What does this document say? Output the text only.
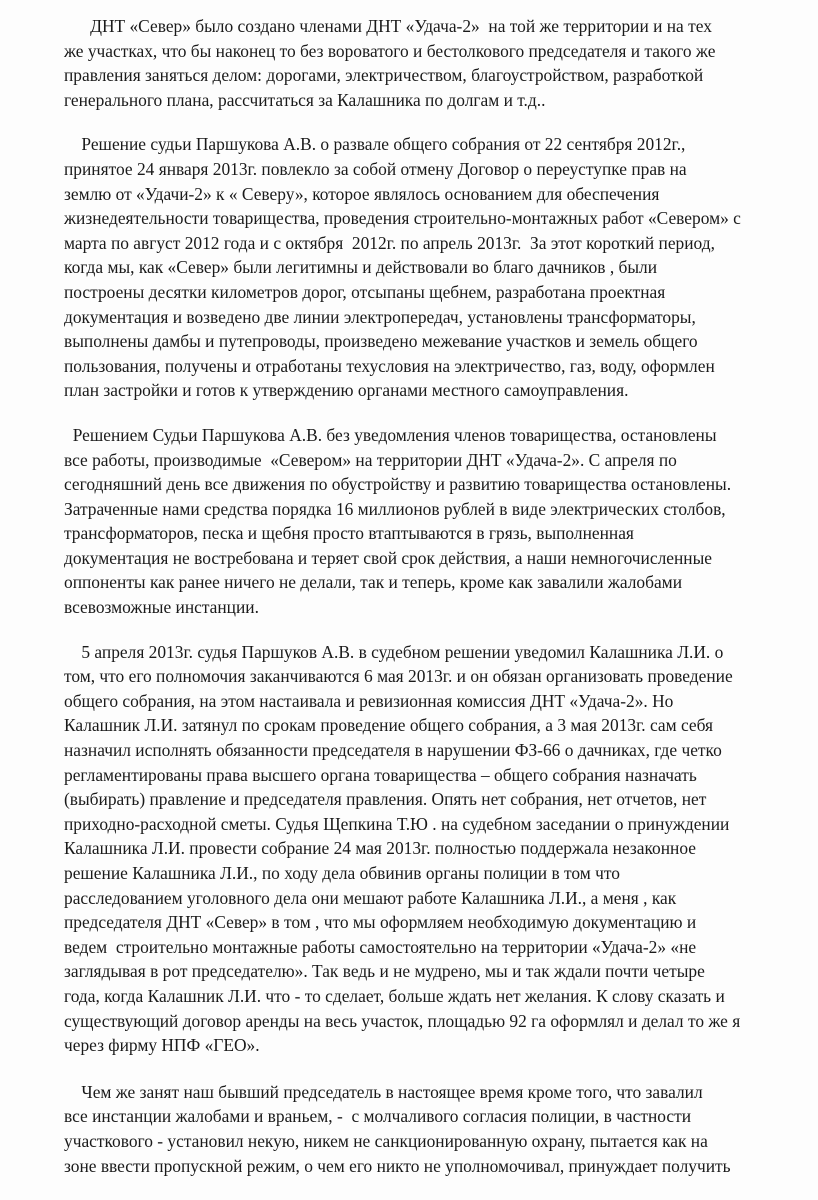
ДНТ «Север» было создано членами ДНТ «Удача-2»  на той же территории и на тех
же участках, что бы наконец то без вороватого и бестолкового председателя и такого же
правления заняться делом: дорогами, электричеством, благоустройством, разработкой
генерального плана, рассчитаться за Калашника по долгам и т.д..

Решение судьи Паршукова А.В. о развале общего собрания от 22 сентября 2012г.,
принятое 24 января 2013г. повлекло за собой отмену Договор о переуступке прав на
землю от «Удачи-2» к « Северу», которое являлось основанием для обеспечения
жизнедеятельности товарищества, проведения строительно-монтажных работ «Севером» с
марта по август 2012 года и с октября  2012г. по апрель 2013г.  За этот короткий период,
когда мы, как «Север» были легитимны и действовали во благо дачников , были
построены десятки километров дорог, отсыпаны щебнем, разработана проектная
документация и возведено две линии электропередач, установлены трансформаторы,
выполнены дамбы и путепроводы, произведено межевание участков и земель общего
пользования, получены и отработаны техусловия на электричество, газ, воду, оформлен
план застройки и готов к утверждению органами местного самоуправления.

Решением Судьи Паршукова А.В. без уведомления членов товарищества, остановлены
все работы, производимые  «Севером» на территории ДНТ «Удача-2». С апреля по
сегодняшний день все движения по обустройству и развитию товарищества остановлены.
Затраченные нами средства порядка 16 миллионов рублей в виде электрических столбов,
трансформаторов, песка и щебня просто втаптываются в грязь, выполненная
документация не востребована и теряет свой срок действия, а наши немногочисленные
оппоненты как ранее ничего не делали, так и теперь, кроме как завалили жалобами
всевозможные инстанции.

5 апреля 2013г. судья Паршуков А.В. в судебном решении уведомил Калашника Л.И. о
том, что его полномочия заканчиваются 6 мая 2013г. и он обязан организовать проведение
общего собрания, на этом настаивала и ревизионная комиссия ДНТ «Удача-2». Но
Калашник Л.И. затянул по срокам проведение общего собрания, а 3 мая 2013г. сам себя
назначил исполнять обязанности председателя в нарушении ФЗ-66 о дачниках, где четко
регламентированы права высшего органа товарищества – общего собрания назначать
(выбирать) правление и председателя правления. Опять нет собрания, нет отчетов, нет
приходно-расходной сметы. Судья Щепкина Т.Ю . на судебном заседании о принуждении
Калашника Л.И. провести собрание 24 мая 2013г. полностью поддержала незаконное
решение Калашника Л.И., по ходу дела обвинив органы полиции в том что
расследованием уголовного дела они мешают работе Калашника Л.И., а меня , как
председателя ДНТ «Север» в том , что мы оформляем необходимую документацию и
ведем  строительно монтажные работы самостоятельно на территории «Удача-2» «не
заглядывая в рот председателю». Так ведь и не мудрено, мы и так ждали почти четыре
года, когда Калашник Л.И. что - то сделает, больше ждать нет желания. К слову сказать и
существующий договор аренды на весь участок, площадью 92 га оформлял и делал то же я
через фирму НПФ «ГЕО».

Чем же занят наш бывший председатель в настоящее время кроме того, что завалил
все инстанции жалобами и враньем, -  с молчаливого согласия полиции, в частности
участкового - установил некую, никем не санкционированную охрану, пытается как на
зоне ввести пропускной режим, о чем его никто не уполномочивал, принуждает получить
